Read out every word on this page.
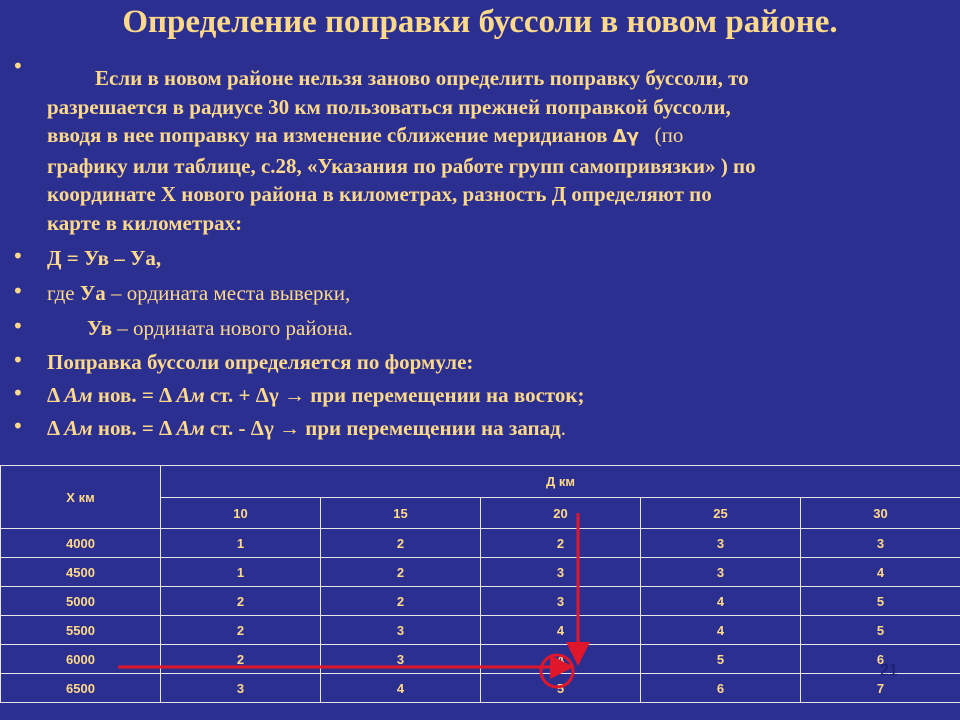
Определение поправки буссоли в новом районе.
•	Если в новом районе нельзя заново определить поправку буссоли, то
разрешается в радиусе 30 км пользоваться прежней поправкой буссоли,
вводя в нее поправку на изменение сближение меридианов Δγ (по
графику или таблице, с.28, «Указания по работе групп самопривязки» ) по
координате Х нового района в километрах, разность Д определяют по
карте в километрах:
• Д = Ув – Уа,
• где Уа – ордината места выверки,
•	Ув – ордината нового района.
• Поправка буссоли определяется по формуле:
• Δ Ам нов. = Δ Ам ст. + Δγ → при перемещении на восток;
• Δ Ам нов. = Δ Ам ст. - Δγ → при перемещении на запад.
Х км	Д км				
	10	15	20	25	30
4000	1	2	2	3	3
4500	1	2	3	3	4
5000	2	2	3	4	5
5500	2	3	4	4	5
6000	2	3	4	5	6
6500	3	4	5	6	7
21
